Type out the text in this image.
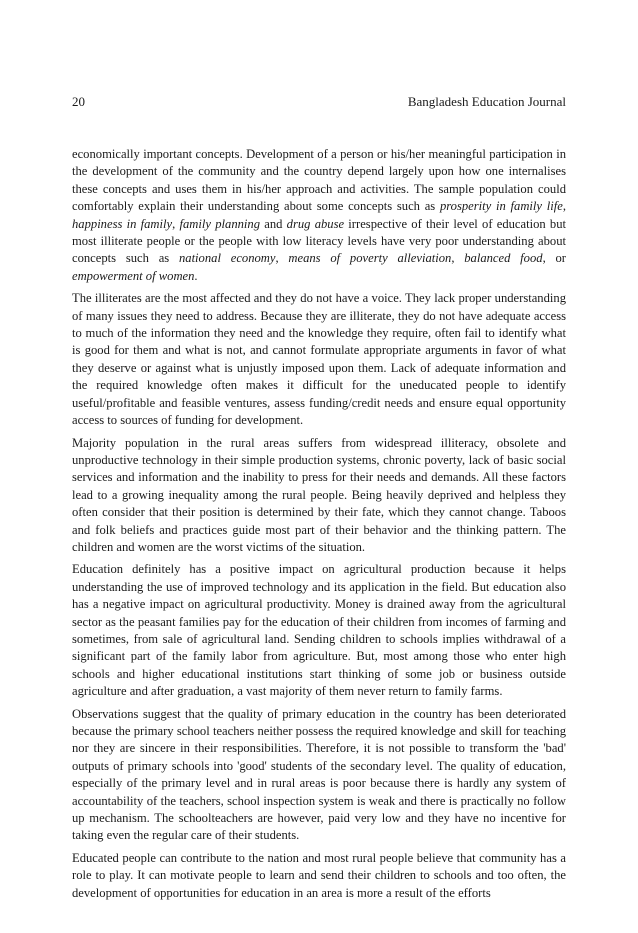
20	Bangladesh Education Journal

economically important concepts. Development of a person or his/her meaningful participation in the development of the community and the country depend largely upon how one internalises these concepts and uses them in his/her approach and activities. The sample population could comfortably explain their understanding about some concepts such as prosperity in family life, happiness in family, family planning and drug abuse irrespective of their level of education but most illiterate people or the people with low literacy levels have very poor understanding about concepts such as national economy, means of poverty alleviation, balanced food, or empowerment of women.

The illiterates are the most affected and they do not have a voice. They lack proper understanding of many issues they need to address. Because they are illiterate, they do not have adequate access to much of the information they need and the knowledge they require, often fail to identify what is good for them and what is not, and cannot formulate appropriate arguments in favor of what they deserve or against what is unjustly imposed upon them. Lack of adequate information and the required knowledge often makes it difficult for the uneducated people to identify useful/profitable and feasible ventures, assess funding/credit needs and ensure equal opportunity access to sources of funding for development.

Majority population in the rural areas suffers from widespread illiteracy, obsolete and unproductive technology in their simple production systems, chronic poverty, lack of basic social services and information and the inability to press for their needs and demands. All these factors lead to a growing inequality among the rural people. Being heavily deprived and helpless they often consider that their position is determined by their fate, which they cannot change. Taboos and folk beliefs and practices guide most part of their behavior and the thinking pattern. The children and women are the worst victims of the situation.

Education definitely has a positive impact on agricultural production because it helps understanding the use of improved technology and its application in the field. But education also has a negative impact on agricultural productivity. Money is drained away from the agricultural sector as the peasant families pay for the education of their children from incomes of farming and sometimes, from sale of agricultural land. Sending children to schools implies withdrawal of a significant part of the family labor from agriculture. But, most among those who enter high schools and higher educational institutions start thinking of some job or business outside agriculture and after graduation, a vast majority of them never return to family farms.

Observations suggest that the quality of primary education in the country has been deteriorated because the primary school teachers neither possess the required knowledge and skill for teaching nor they are sincere in their responsibilities. Therefore, it is not possible to transform the 'bad' outputs of primary schools into 'good' students of the secondary level. The quality of education, especially of the primary level and in rural areas is poor because there is hardly any system of accountability of the teachers, school inspection system is weak and there is practically no follow up mechanism. The schoolteachers are however, paid very low and they have no incentive for taking even the regular care of their students.

Educated people can contribute to the nation and most rural people believe that community has a role to play. It can motivate people to learn and send their children to schools and too often, the development of opportunities for education in an area is more a result of the efforts
